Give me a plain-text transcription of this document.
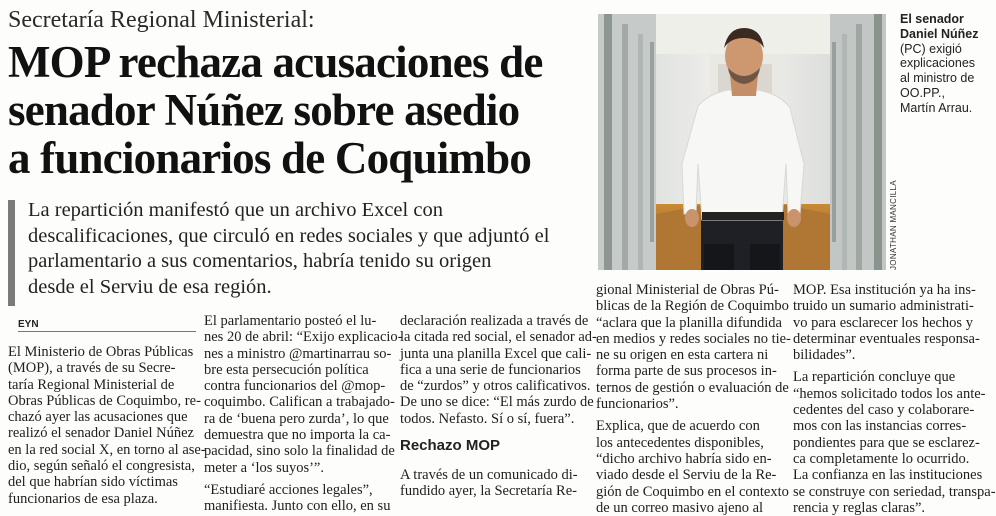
Secretaría Regional Ministerial:
MOP rechaza acusaciones de
senador Núñez sobre asedio
a funcionarios de Coquimbo
La repartición manifestó que un archivo Excel con
descalificaciones, que circuló en redes sociales y que adjuntó el
parlamentario a sus comentarios, habría tenido su origen
desde el Serviu de esa región.
JONATHAN MANCILLA
El senador
Daniel Núñez
(PC) exigió
explicaciones
al ministro de
OO.PP.,
Martín Arrau.
EYN
El Ministerio de Obras Públicas
(MOP), a través de su Secre-
taría Regional Ministerial de
Obras Públicas de Coquimbo, re-
chazó ayer las acusaciones que
realizó el senador Daniel Núñez
en la red social X, en torno al ase-
dio, según señaló el congresista,
del que habrían sido víctimas
funcionarios de esa plaza.
El parlamentario posteó el lu-
nes 20 de abril: “Exijo explicacio-
nes a ministro @martinarrau so-
bre esta persecución política
contra funcionarios del @mop-
coquimbo. Califican a trabajado-
ra de ‘buena pero zurda’, lo que
demuestra que no importa la ca-
pacidad, sino solo la finalidad de
meter a ‘los suyos’”.
“Estudiaré acciones legales”,
manifiesta. Junto con ello, en su
declaración realizada a través de
la citada red social, el senador ad-
junta una planilla Excel que cali-
fica a una serie de funcionarios
de “zurdos” y otros calificativos.
De uno se dice: “El más zurdo de
todos. Nefasto. Sí o sí, fuera”.
Rechazo MOP
A través de un comunicado di-
fundido ayer, la Secretaría Re-
gional Ministerial de Obras Pú-
blicas de la Región de Coquimbo
“aclara que la planilla difundida
en medios y redes sociales no tie-
ne su origen en esta cartera ni
forma parte de sus procesos in-
ternos de gestión o evaluación de
funcionarios”.
Explica, que de acuerdo con
los antecedentes disponibles,
“dicho archivo habría sido en-
viado desde el Serviu de la Re-
gión de Coquimbo en el contexto
de un correo masivo ajeno al
MOP. Esa institución ya ha ins-
truido un sumario administrati-
vo para esclarecer los hechos y
determinar eventuales responsa-
bilidades”.
La repartición concluye que
“hemos solicitado todos los ante-
cedentes del caso y colaborare-
mos con las instancias corres-
pondientes para que se esclarez-
ca completamente lo ocurrido.
La confianza en las instituciones
se construye con seriedad, transpa-
rencia y reglas claras”.
